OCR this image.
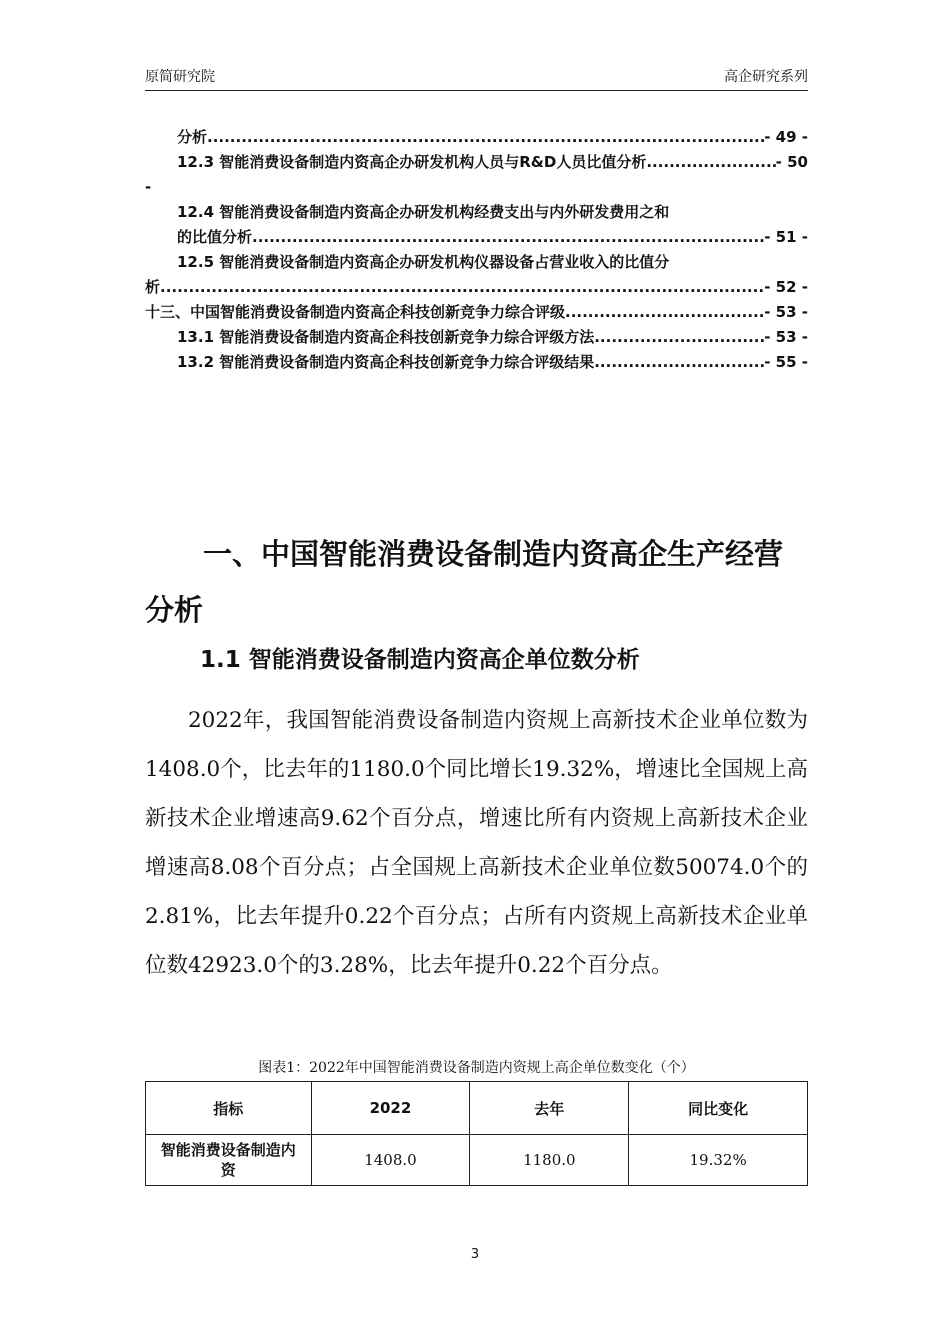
原简研究院	高企研究系列
分析 .....	- 49 -
12.3 智能消费设备制造内资高企办研发机构人员与R&D人员比值分析. .....	- 50
-
12.4 智能消费设备制造内资高企办研发机构经费支出与内外研发费用之和
的比值分析 .....	- 51 -
12.5 智能消费设备制造内资高企办研发机构仪器设备占营业收入的比值分
析 .....	- 52 -
十三、中国智能消费设备制造内资高企科技创新竞争力综合评级 .....	- 53 -
13.1 智能消费设备制造内资高企科技创新竞争力综合评级方法 .....	- 53 -
13.2 智能消费设备制造内资高企科技创新竞争力综合评级结果 .....	- 55 -
一、中国智能消费设备制造内资高企生产经营分析
1.1 智能消费设备制造内资高企单位数分析

2022年，我国智能消费设备制造内资规上高新技术企业单位数为1408.0个，比去年的1180.0个同比增长19.32%，增速比全国规上高新技术企业增速高9.62个百分点，增速比所有内资规上高新技术企业增速高8.08个百分点；占全国规上高新技术企业单位数50074.0个的2.81%，比去年提升0.22个百分点；占所有内资规上高新技术企业单位数42923.0个的3.28%，比去年提升0.22个百分点。

图表1：2022年中国智能消费设备制造内资规上高企单位数变化（个）
指标	2022	去年	同比变化

智能消费设备制造内资	1408.0	1180.0	19.32%
3
